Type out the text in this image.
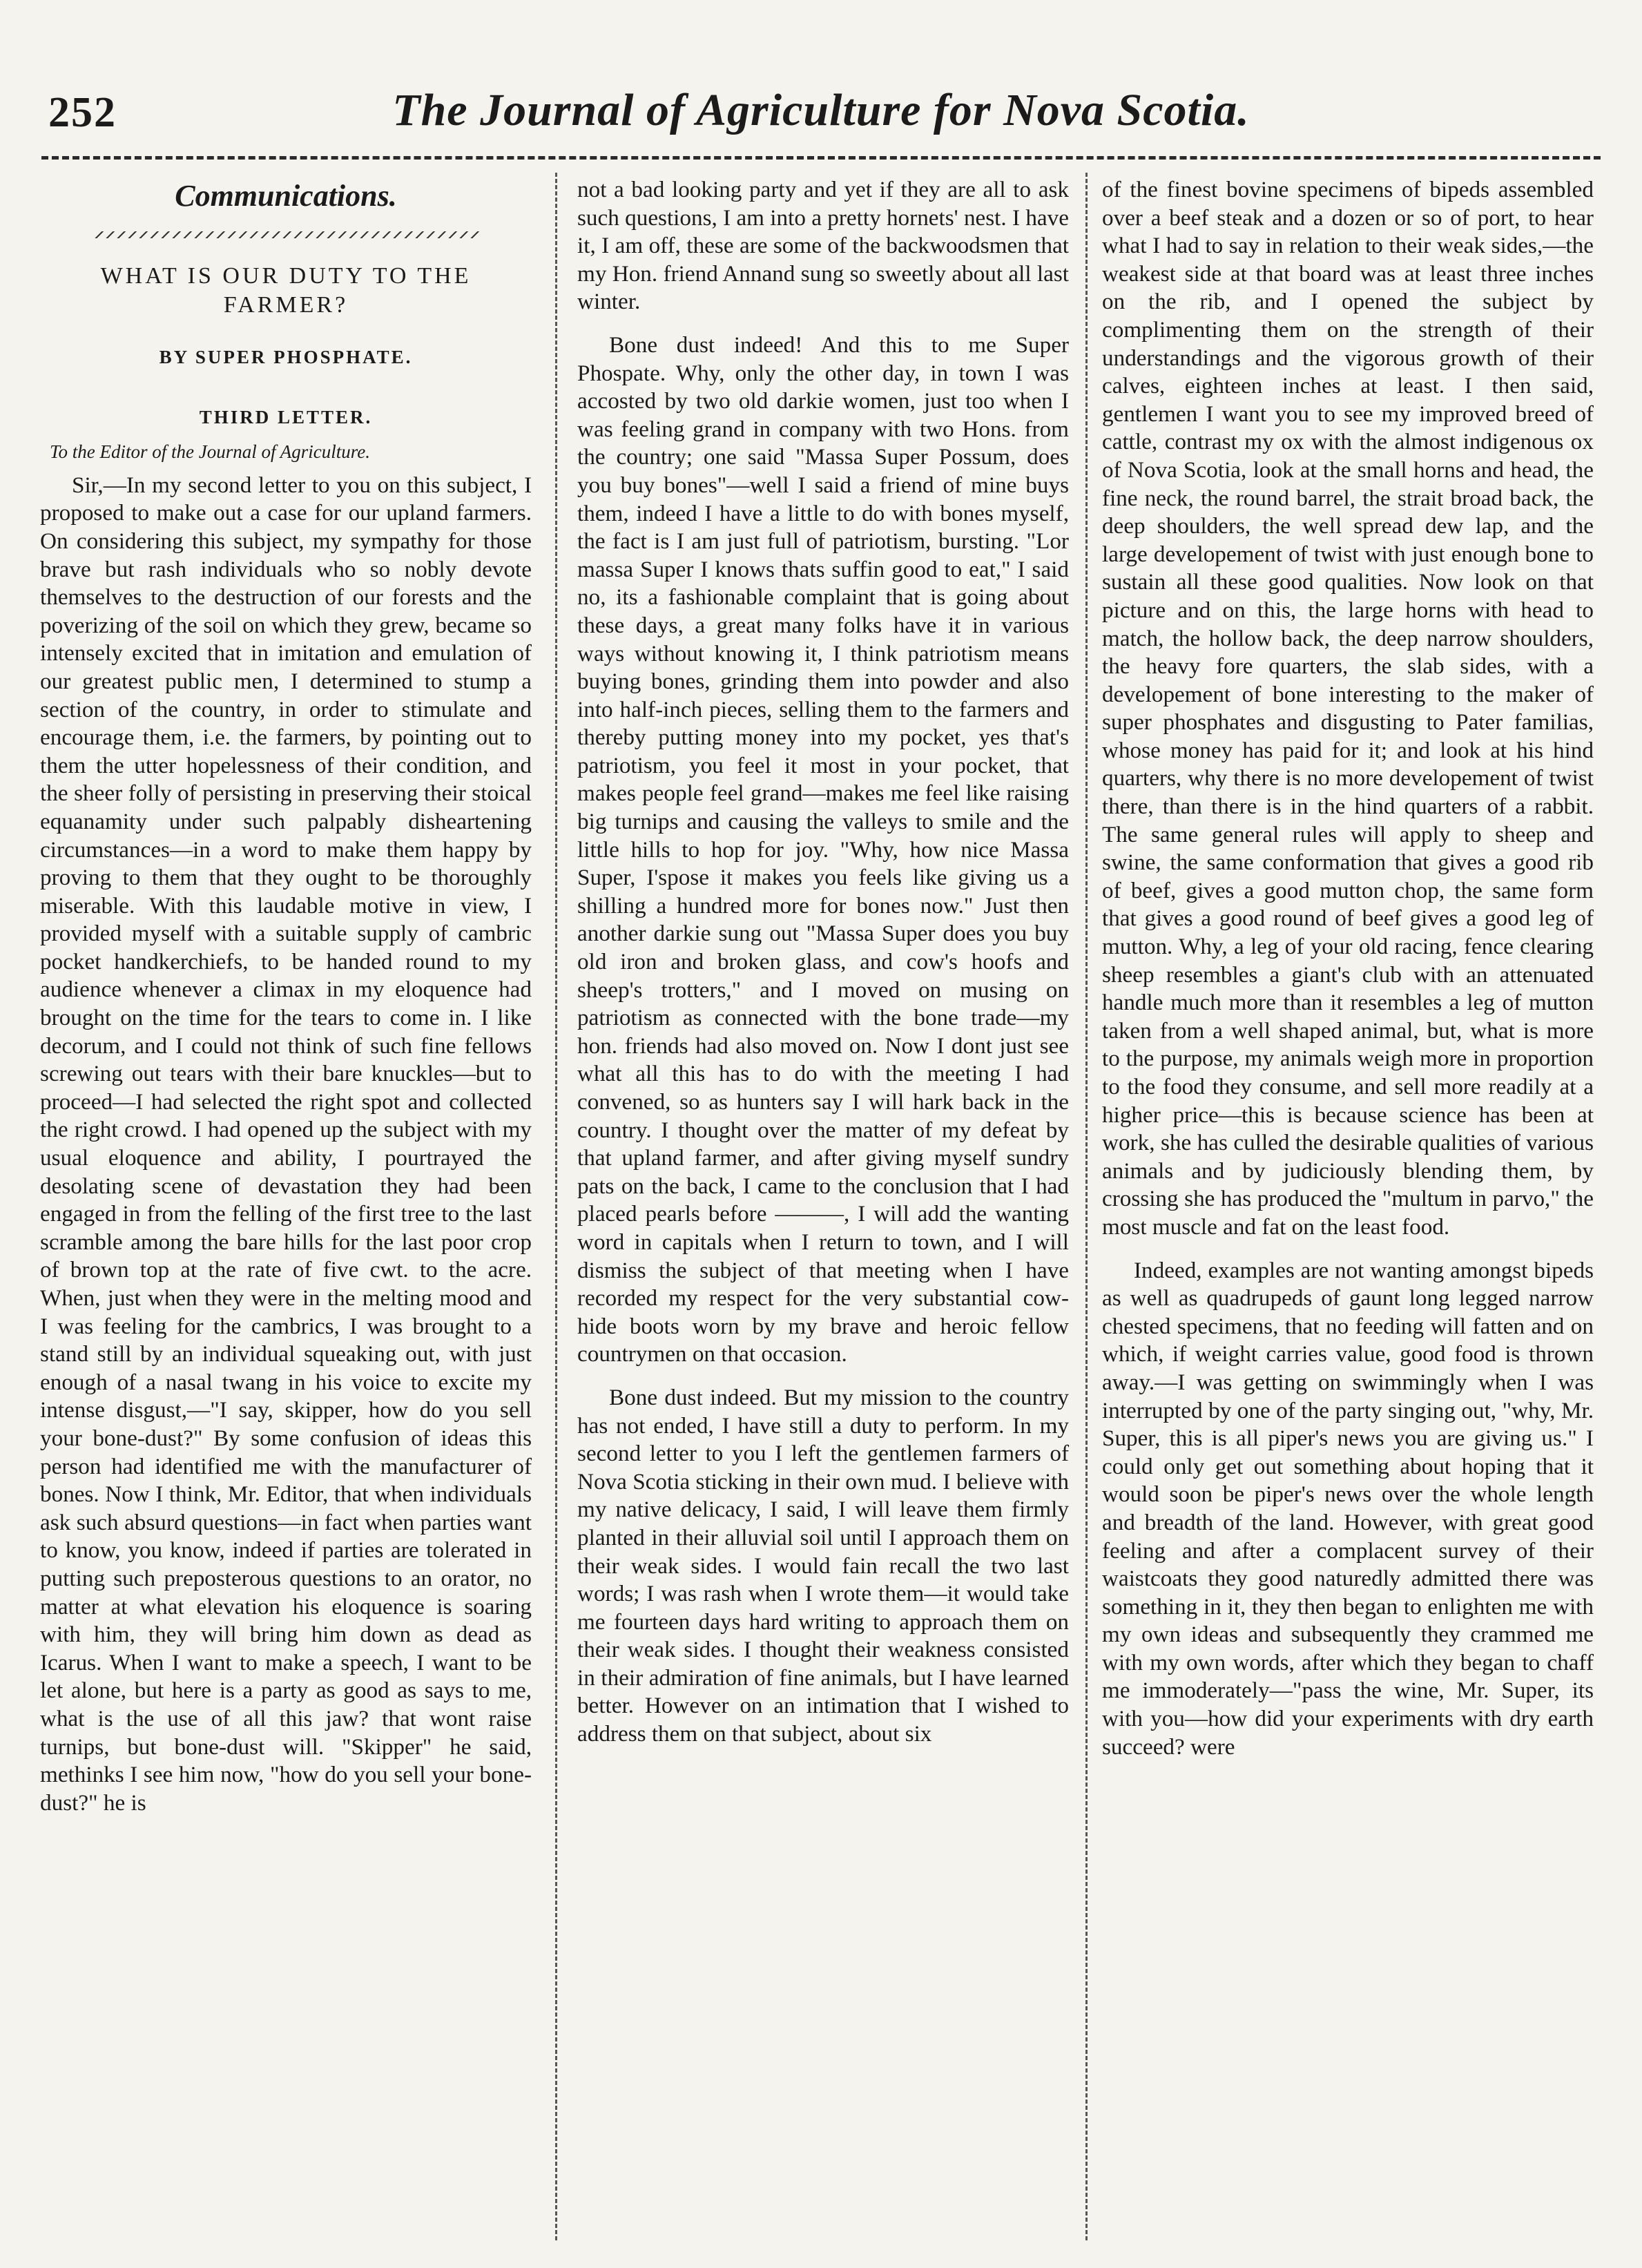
252	The Journal of Agriculture for Nova Scotia.
Communications.
WHAT IS OUR DUTY TO THE FARMER?
BY SUPER PHOSPHATE.
THIRD LETTER.
To the Editor of the Journal of Agriculture.

Sir,—In my second letter to you on this subject, I proposed to make out a case for our upland farmers. On considering this subject, my sympathy for those brave but rash individuals who so nobly devote themselves to the destruction of our forests and the poverizing of the soil on which they grew, became so intensely excited that in imitation and emulation of our greatest public men, I determined to stump a section of the country, in order to stimulate and encourage them, i.e. the farmers, by pointing out to them the utter hopelessness of their condition, and the sheer folly of persisting in preserving their stoical equanamity under such palpably disheartening circumstances—in a word to make them happy by proving to them that they ought to be thoroughly miserable. With this laudable motive in view, I provided myself with a suitable supply of cambric pocket handkerchiefs, to be handed round to my audience whenever a climax in my eloquence had brought on the time for the tears to come in. I like decorum, and I could not think of such fine fellows screwing out tears with their bare knuckles—but to proceed—I had selected the right spot and collected the right crowd. I had opened up the subject with my usual eloquence and ability, I pourtrayed the desolating scene of devastation they had been engaged in from the felling of the first tree to the last scramble among the bare hills for the last poor crop of brown top at the rate of five cwt. to the acre. When, just when they were in the melting mood and I was feeling for the cambrics, I was brought to a stand still by an individual squeaking out, with just enough of a nasal twang in his voice to excite my intense disgust,—"I say, skipper, how do you sell your bone-dust?" By some confusion of ideas this person had identified me with the manufacturer of bones. Now I think, Mr. Editor, that when individuals ask such absurd questions—in fact when parties want to know, you know, indeed if parties are tolerated in putting such preposterous questions to an orator, no matter at what elevation his eloquence is soaring with him, they will bring him down as dead as Icarus. When I want to make a speech, I want to be let alone, but here is a party as good as says to me, what is the use of all this jaw? that wont raise turnips, but bone-dust will. "Skipper" he said, methinks I see him now, "how do you sell your bone-dust?" he is

not a bad looking party and yet if they are all to ask such questions, I am into a pretty hornets' nest. I have it, I am off, these are some of the backwoodsmen that my Hon. friend Annand sung so sweetly about all last winter.

Bone dust indeed! And this to me Super Phospate. Why, only the other day, in town I was accosted by two old darkie women, just too when I was feeling grand in company with two Hons. from the country; one said "Massa Super Possum, does you buy bones"—well I said a friend of mine buys them, indeed I have a little to do with bones myself, the fact is I am just full of patriotism, bursting. "Lor massa Super I knows thats suffin good to eat," I said no, its a fashionable complaint that is going about these days, a great many folks have it in various ways without knowing it, I think patriotism means buying bones, grinding them into powder and also into half-inch pieces, selling them to the farmers and thereby putting money into my pocket, yes that's patriotism, you feel it most in your pocket, that makes people feel grand—makes me feel like raising big turnips and causing the valleys to smile and the little hills to hop for joy. "Why, how nice Massa Super, I'spose it makes you feels like giving us a shilling a hundred more for bones now." Just then another darkie sung out "Massa Super does you buy old iron and broken glass, and cow's hoofs and sheep's trotters," and I moved on musing on patriotism as connected with the bone trade—my hon. friends had also moved on. Now I dont just see what all this has to do with the meeting I had convened, so as hunters say I will hark back in the country. I thought over the matter of my defeat by that upland farmer, and after giving myself sundry pats on the back, I came to the conclusion that I had placed pearls before ———, I will add the wanting word in capitals when I return to town, and I will dismiss the subject of that meeting when I have recorded my respect for the very substantial cow-hide boots worn by my brave and heroic fellow countrymen on that occasion.

Bone dust indeed. But my mission to the country has not ended, I have still a duty to perform. In my second letter to you I left the gentlemen farmers of Nova Scotia sticking in their own mud. I believe with my native delicacy, I said, I will leave them firmly planted in their alluvial soil until I approach them on their weak sides. I would fain recall the two last words; I was rash when I wrote them—it would take me fourteen days hard writing to approach them on their weak sides. I thought their weakness consisted in their admiration of fine animals, but I have learned better. However on an intimation that I wished to address them on that subject, about six

of the finest bovine specimens of bipeds assembled over a beef steak and a dozen or so of port, to hear what I had to say in relation to their weak sides,—the weakest side at that board was at least three inches on the rib, and I opened the subject by complimenting them on the strength of their understandings and the vigorous growth of their calves, eighteen inches at least. I then said, gentlemen I want you to see my improved breed of cattle, contrast my ox with the almost indigenous ox of Nova Scotia, look at the small horns and head, the fine neck, the round barrel, the strait broad back, the deep shoulders, the well spread dew lap, and the large developement of twist with just enough bone to sustain all these good qualities. Now look on that picture and on this, the large horns with head to match, the hollow back, the deep narrow shoulders, the heavy fore quarters, the slab sides, with a developement of bone interesting to the maker of super phosphates and disgusting to Pater familias, whose money has paid for it; and look at his hind quarters, why there is no more developement of twist there, than there is in the hind quarters of a rabbit. The same general rules will apply to sheep and swine, the same conformation that gives a good rib of beef, gives a good mutton chop, the same form that gives a good round of beef gives a good leg of mutton. Why, a leg of your old racing, fence clearing sheep resembles a giant's club with an attenuated handle much more than it resembles a leg of mutton taken from a well shaped animal, but, what is more to the purpose, my animals weigh more in proportion to the food they consume, and sell more readily at a higher price—this is because science has been at work, she has culled the desirable qualities of various animals and by judiciously blending them, by crossing she has produced the "multum in parvo," the most muscle and fat on the least food.

Indeed, examples are not wanting amongst bipeds as well as quadrupeds of gaunt long legged narrow chested specimens, that no feeding will fatten and on which, if weight carries value, good food is thrown away.—I was getting on swimmingly when I was interrupted by one of the party singing out, "why, Mr. Super, this is all piper's news you are giving us." I could only get out something about hoping that it would soon be piper's news over the whole length and breadth of the land. However, with great good feeling and after a complacent survey of their waistcoats they good naturedly admitted there was something in it, they then began to enlighten me with my own ideas and subsequently they crammed me with my own words, after which they began to chaff me immoderately—"pass the wine, Mr. Super, its with you—how did your experiments with dry earth succeed? were
